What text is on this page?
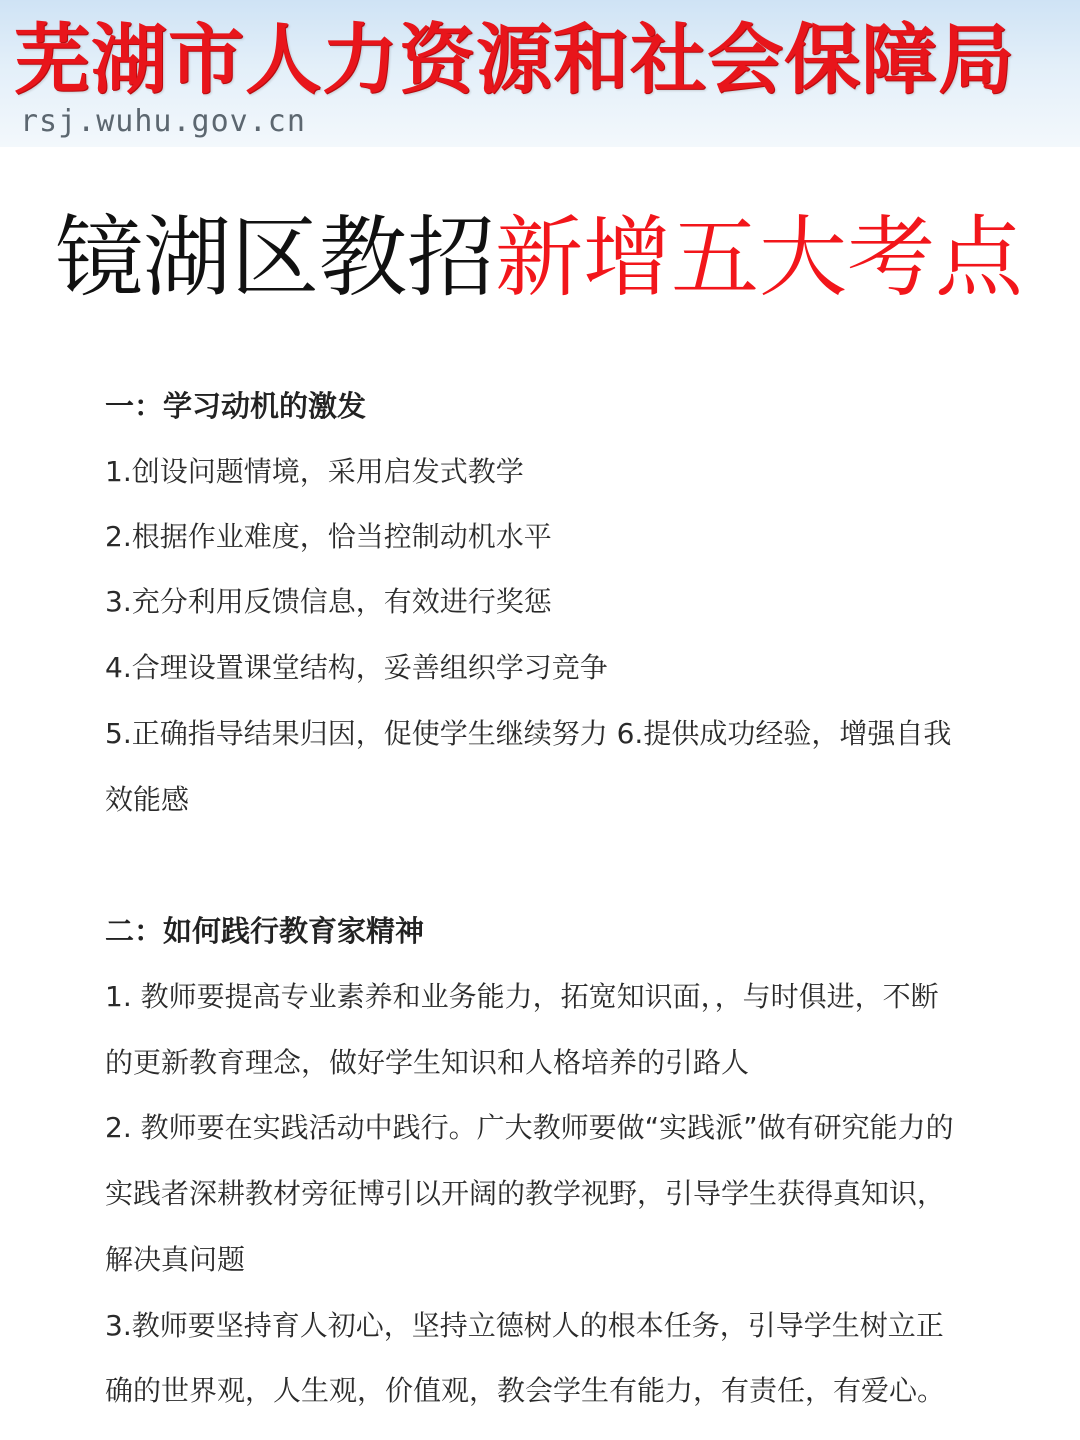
芜湖市人力资源和社会保障局
rsj.wuhu.gov.cn
镜湖区教招新增五大考点
一：学习动机的激发
1.创设问题情境，采用启发式教学
2.根据作业难度，恰当控制动机水平
3.充分利用反馈信息，有效进行奖惩
4.合理设置课堂结构，妥善组织学习竞争
5.正确指导结果归因，促使学生继续努力 6.提供成功经验，增强自我
效能感
二：如何践行教育家精神
1. 教师要提高专业素养和业务能力，拓宽知识面，，与时俱进，不断
的更新教育理念，做好学生知识和人格培养的引路人
2. 教师要在实践活动中践行。广大教师要做“实践派”做有研究能力的
实践者深耕教材旁征博引以开阔的教学视野，引导学生获得真知识，
解决真问题
3.教师要坚持育人初心，坚持立德树人的根本任务，引导学生树立正
确的世界观，人生观，价值观，教会学生有能力，有责任，有爱心。
